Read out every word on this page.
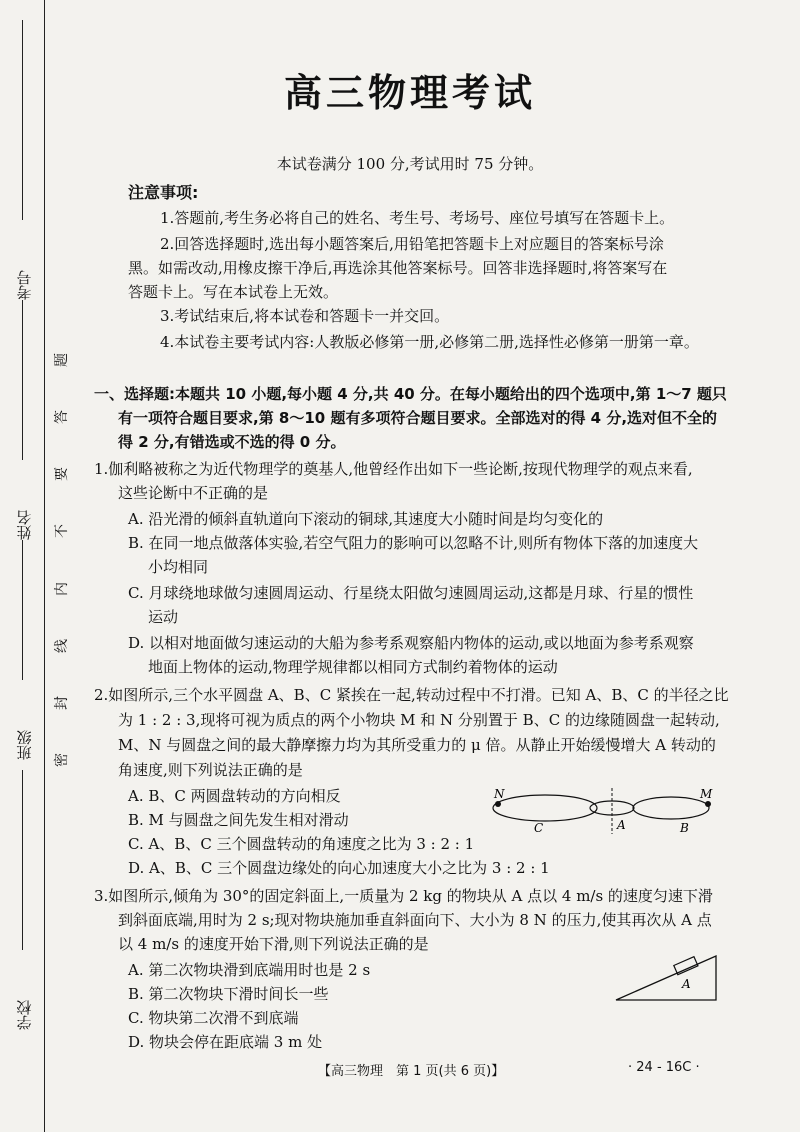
考号
姓名
班级
学校
题
答
要
不
内
线
封
密
高三物理考试
本试卷满分 100 分,考试用时 75 分钟。
注意事项:
1.答题前,考生务必将自己的姓名、考生号、考场号、座位号填写在答题卡上。
2.回答选择题时,选出每小题答案后,用铅笔把答题卡上对应题目的答案标号涂
黑。如需改动,用橡皮擦干净后,再选涂其他答案标号。回答非选择题时,将答案写在
答题卡上。写在本试卷上无效。
3.考试结束后,将本试卷和答题卡一并交回。
4.本试卷主要考试内容:人教版必修第一册,必修第二册,选择性必修第一册第一章。
一、选择题:本题共 10 小题,每小题 4 分,共 40 分。在每小题给出的四个选项中,第 1～7 题只
有一项符合题目要求,第 8～10 题有多项符合题目要求。全部选对的得 4 分,选对但不全的
得 2 分,有错选或不选的得 0 分。
1.伽利略被称之为近代物理学的奠基人,他曾经作出如下一些论断,按现代物理学的观点来看,
这些论断中不正确的是
A. 沿光滑的倾斜直轨道向下滚动的铜球,其速度大小随时间是均匀变化的
B. 在同一地点做落体实验,若空气阻力的影响可以忽略不计,则所有物体下落的加速度大
小均相同
C. 月球绕地球做匀速圆周运动、行星绕太阳做匀速圆周运动,这都是月球、行星的惯性
运动
D. 以相对地面做匀速运动的大船为参考系观察船内物体的运动,或以地面为参考系观察
地面上物体的运动,物理学规律都以相同方式制约着物体的运动
2.如图所示,三个水平圆盘 A、B、C 紧挨在一起,转动过程中不打滑。已知 A、B、C 的半径之比
为 1 : 2 : 3,现将可视为质点的两个小物块 M 和 N 分别置于 B、C 的边缘随圆盘一起转动,
M、N 与圆盘之间的最大静摩擦力均为其所受重力的 μ 倍。从静止开始缓慢增大 A 转动的
角速度,则下列说法正确的是
A. B、C 两圆盘转动的方向相反
B. M 与圆盘之间先发生相对滑动
C. A、B、C 三个圆盘转动的角速度之比为 3 : 2 : 1
D. A、B、C 三个圆盘边缘处的向心加速度大小之比为 3 : 2 : 1
N	M
C	A	B
3.如图所示,倾角为 30°的固定斜面上,一质量为 2 kg 的物块从 A 点以 4 m/s 的速度匀速下滑
到斜面底端,用时为 2 s;现对物块施加垂直斜面向下、大小为 8 N 的压力,使其再次从 A 点
以 4 m/s 的速度开始下滑,则下列说法正确的是
A. 第二次物块滑到底端用时也是 2 s
B. 第二次物块下滑时间长一些
C. 物块第二次滑不到底端
D. 物块会停在距底端 3 m 处
A
【高三物理　第 1 页(共 6 页)】	· 24 - 16C ·
